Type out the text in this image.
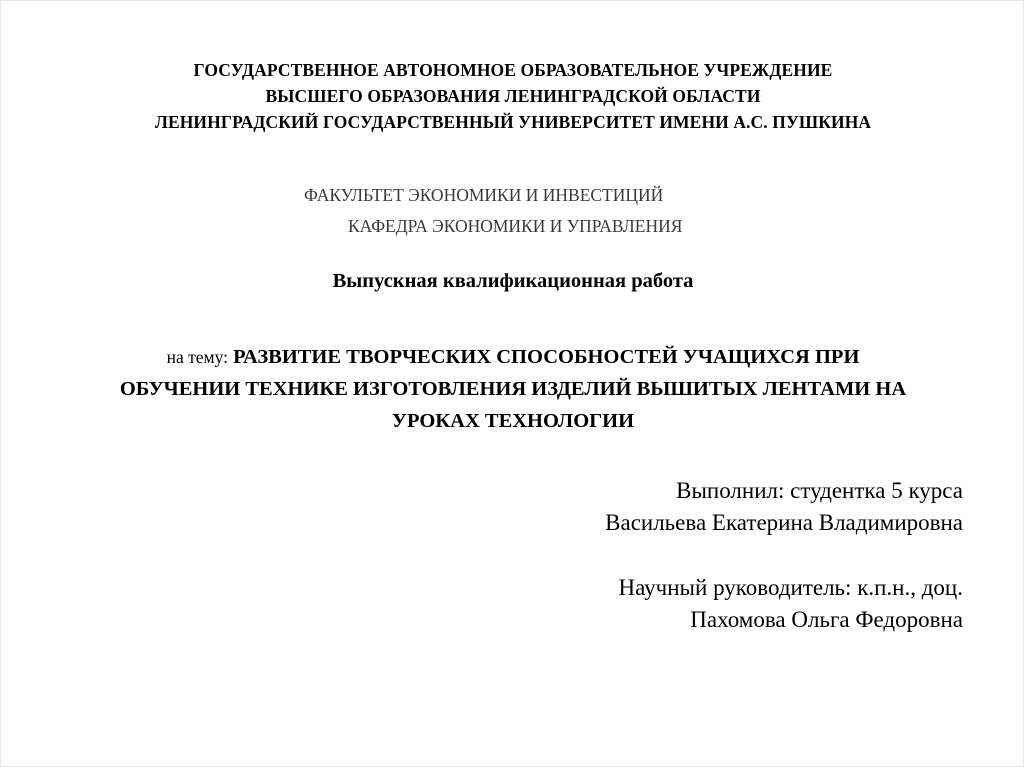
ГОСУДАРСТВЕННОЕ АВТОНОМНОЕ ОБРАЗОВАТЕЛЬНОЕ УЧРЕЖДЕНИЕ
ВЫСШЕГО ОБРАЗОВАНИЯ ЛЕНИНГРАДСКОЙ ОБЛАСТИ
ЛЕНИНГРАДСКИЙ ГОСУДАРСТВЕННЫЙ УНИВЕРСИТЕТ ИМЕНИ А.С. ПУШКИНА
ФАКУЛЬТЕТ ЭКОНОМИКИ И ИНВЕСТИЦИЙ
КАФЕДРА ЭКОНОМИКИ И УПРАВЛЕНИЯ
Выпускная квалификационная работа
на тему: РАЗВИТИЕ ТВОРЧЕСКИХ СПОСОБНОСТЕЙ УЧАЩИХСЯ ПРИ
ОБУЧЕНИИ ТЕХНИКЕ ИЗГОТОВЛЕНИЯ ИЗДЕЛИЙ ВЫШИТЫХ ЛЕНТАМИ НА
УРОКАХ ТЕХНОЛОГИИ
Выполнил: студентка 5 курса
Васильева Екатерина Владимировна
Научный руководитель: к.п.н., доц.
Пахомова Ольга Федоровна
